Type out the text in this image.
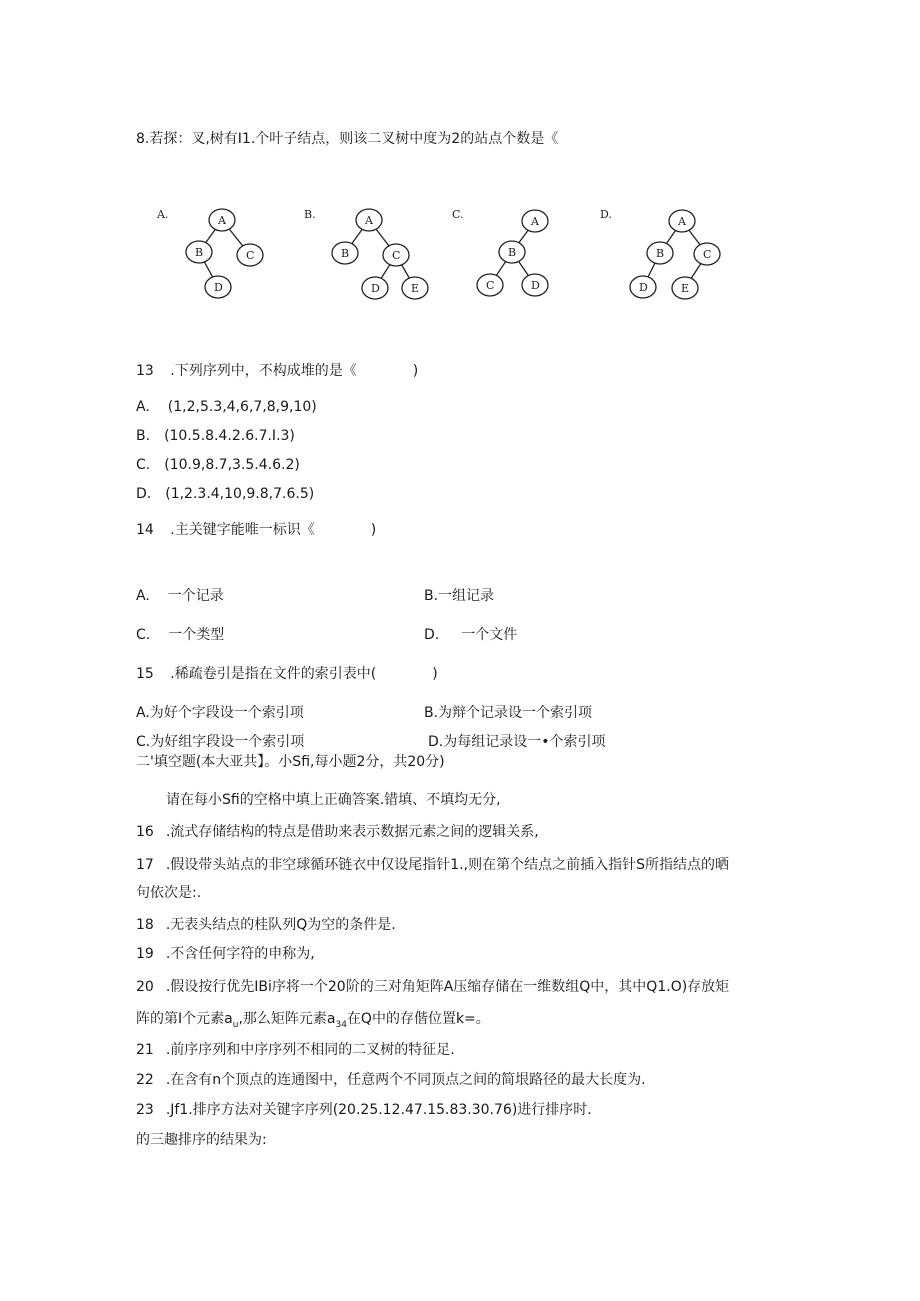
8.若探：叉,树有I1.个叶子结点，则该二叉树中度为2的站点个数是《
A.	A
B	C
D
B.	A
B	C
D	E
C.
A
B
C	D
D.
A
B	C
D	E
13 .下列序列中，不构成堆的是《　　　　)
A. (1,2,5.3,4,6,7,8,9,10)
B. (10.5.8.4.2.6.7.I.3)
C. (10.9,8.7,3.5.4.6.2)
D. (1,2.3.4,10,9.8,7.6.5)
14 .主关键字能唯一标识《　　　　)
A. 一个记录	B.一组记录
C. 一个类型	D. 一个文件
15 .稀疏卷引是指在文件的索引表中(　　　　)
A.为好个字段设一个索引项	B.为辩个记录设一个索引项
C.为好组字段设一个索引项	D.为每组记录设一•个索引项
二'填空题(本大亚共】。小Sfi,每小题2分，共20分)
请在每小Sfi的空格中填上正确答案.错填、不填均无分,
16 .流式存储结构的特点是借助来表示数据元素之间的逻辑关系,
17 .假设带头站点的非空球循环链衣中仅设尾指针1.,则在第个结点之前插入指针S所指结点的晒
句依次是:.
18 .无表头结点的桂队列Q为空的条件是.
19 .不含任何字符的申称为,
20 .假设按行优先IBi序将一个20阶的三对角矩阵A压缩存储在一维数组Q中，其中Q1.O)存放矩
阵的第I个元素$a_u$,那么矩阵元素$a_{34}$在Q中的存偕位置k=。
21 .前序序列和中序序列不相同的二叉树的特征足.
22 .在含有n个顶点的连通图中，任意两个不同顶点之间的简垠路径的最大长度为.
23 .Jf1.排序方法对关键字序列(20.25.12.47.15.83.30.76)进行排序时.
的三趣排序的结果为:
